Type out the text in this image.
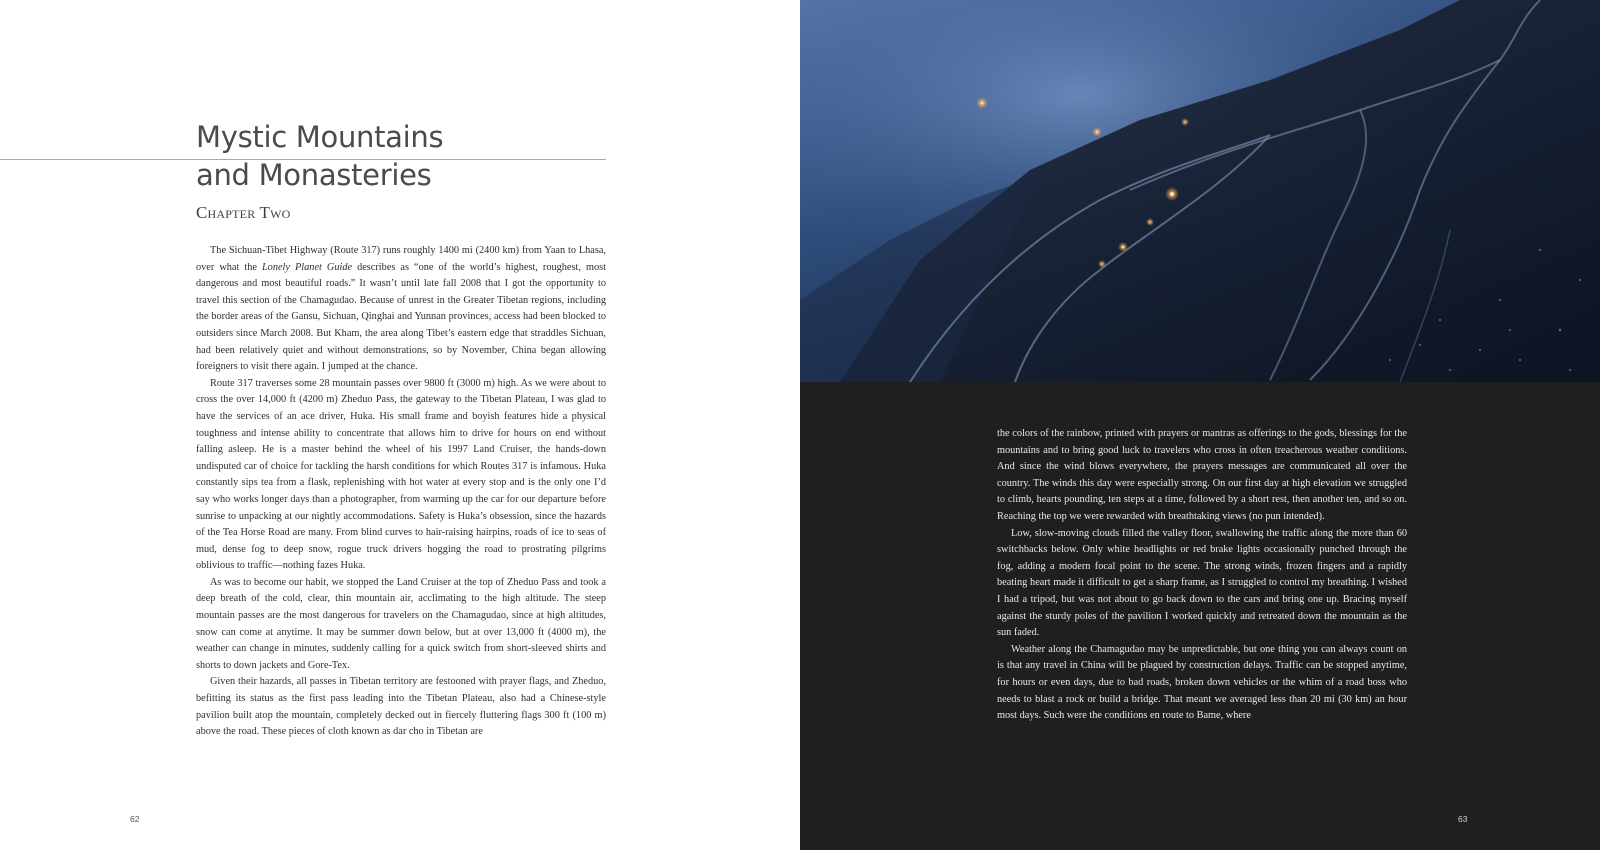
Mystic Mountains
and Monasteries
Chapter Two

The Sichuan-Tibet Highway (Route 317) runs roughly 1400 mi (2400 km) from Yaan to Lhasa, over what the Lonely Planet Guide describes as “one of the world’s highest, roughest, most dangerous and most beautiful roads.” It wasn’t until late fall 2008 that I got the opportunity to travel this section of the Chamagudao. Because of unrest in the Greater Tibetan regions, including the border areas of the Gansu, Sichuan, Qinghai and Yunnan provinces, access had been blocked to outsiders since March 2008. But Kham, the area along Tibet’s eastern edge that straddles Sichuan, had been relatively quiet and without demonstrations, so by November, China began allowing foreigners to visit there again. I jumped at the chance.

Route 317 traverses some 28 mountain passes over 9800 ft (3000 m) high. As we were about to cross the over 14,000 ft (4200 m) Zheduo Pass, the gateway to the Tibetan Plateau, I was glad to have the services of an ace driver, Huka. His small frame and boyish features hide a physical toughness and intense ability to concentrate that allows him to drive for hours on end without falling asleep. He is a master behind the wheel of his 1997 Land Cruiser, the hands-down undisputed car of choice for tackling the harsh conditions for which Routes 317 is infamous. Huka constantly sips tea from a flask, replenishing with hot water at every stop and is the only one I’d say who works longer days than a photographer, from warming up the car for our departure before sunrise to unpacking at our nightly accommodations. Safety is Huka’s obsession, since the hazards of the Tea Horse Road are many. From blind curves to hair-raising hairpins, roads of ice to seas of mud, dense fog to deep snow, rogue truck drivers hogging the road to prostrating pilgrims oblivious to traffic—nothing fazes Huka.

As was to become our habit, we stopped the Land Cruiser at the top of Zheduo Pass and took a deep breath of the cold, clear, thin mountain air, acclimating to the high altitude. The steep mountain passes are the most dangerous for travelers on the Chamagudao, since at high altitudes, snow can come at anytime. It may be summer down below, but at over 13,000 ft (4000 m), the weather can change in minutes, suddenly calling for a quick switch from short-sleeved shirts and shorts to down jackets and Gore-Tex.

Given their hazards, all passes in Tibetan territory are festooned with prayer flags, and Zheduo, befitting its status as the first pass leading into the Tibetan Plateau, also had a Chinese-style pavilion built atop the mountain, completely decked out in fiercely fluttering flags 300 ft (100 m) above the road. These pieces of cloth known as dar cho in Tibetan are

62	63

the colors of the rainbow, printed with prayers or mantras as offerings to the gods, blessings for the mountains and to bring good luck to travelers who cross in often treacherous weather conditions. And since the wind blows everywhere, the prayers messages are communicated all over the country. The winds this day were especially strong. On our first day at high elevation we struggled to climb, hearts pounding, ten steps at a time, followed by a short rest, then another ten, and so on. Reaching the top we were rewarded with breathtaking views (no pun intended).

Low, slow-moving clouds filled the valley floor, swallowing the traffic along the more than 60 switchbacks below. Only white headlights or red brake lights occasionally punched through the fog, adding a modern focal point to the scene. The strong winds, frozen fingers and a rapidly beating heart made it difficult to get a sharp frame, as I struggled to control my breathing. I wished I had a tripod, but was not about to go back down to the cars and bring one up. Bracing myself against the sturdy poles of the pavilion I worked quickly and retreated down the mountain as the sun faded.

Weather along the Chamagudao may be unpredictable, but one thing you can always count on is that any travel in China will be plagued by construction delays. Traffic can be stopped anytime, for hours or even days, due to bad roads, broken down vehicles or the whim of a road boss who needs to blast a rock or build a bridge. That meant we averaged less than 20 mi (30 km) an hour most days. Such were the conditions en route to Bame, where
